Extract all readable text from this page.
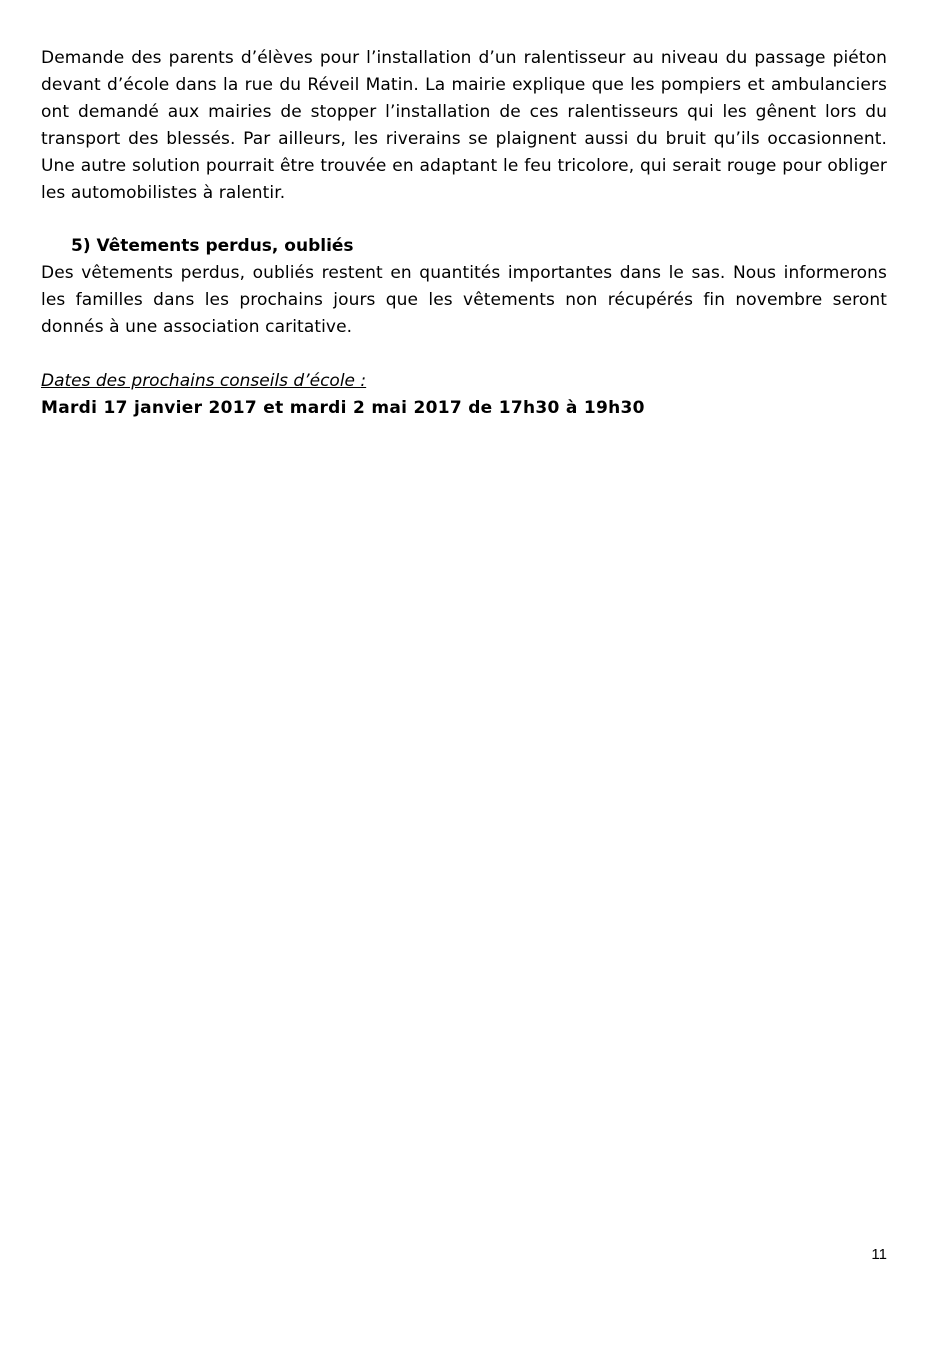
Demande des parents d’élèves pour l’installation d’un ralentisseur au niveau du passage piéton devant d’école dans la rue du Réveil Matin. La mairie explique que les pompiers et ambulanciers ont demandé aux mairies de stopper l’installation de ces ralentisseurs qui les gênent lors du transport des blessés. Par ailleurs, les riverains se plaignent aussi du bruit qu’ils occasionnent. Une autre solution pourrait être trouvée en adaptant le feu tricolore, qui serait rouge pour obliger les automobilistes à ralentir.

5) Vêtements perdus, oubliés

Des vêtements perdus, oubliés restent en quantités importantes dans le sas. Nous informerons les familles dans les prochains jours que les vêtements non récupérés fin novembre seront donnés à une association caritative.

Dates des prochains conseils d’école :
Mardi 17 janvier 2017 et mardi 2 mai 2017 de 17h30 à 19h30
11
